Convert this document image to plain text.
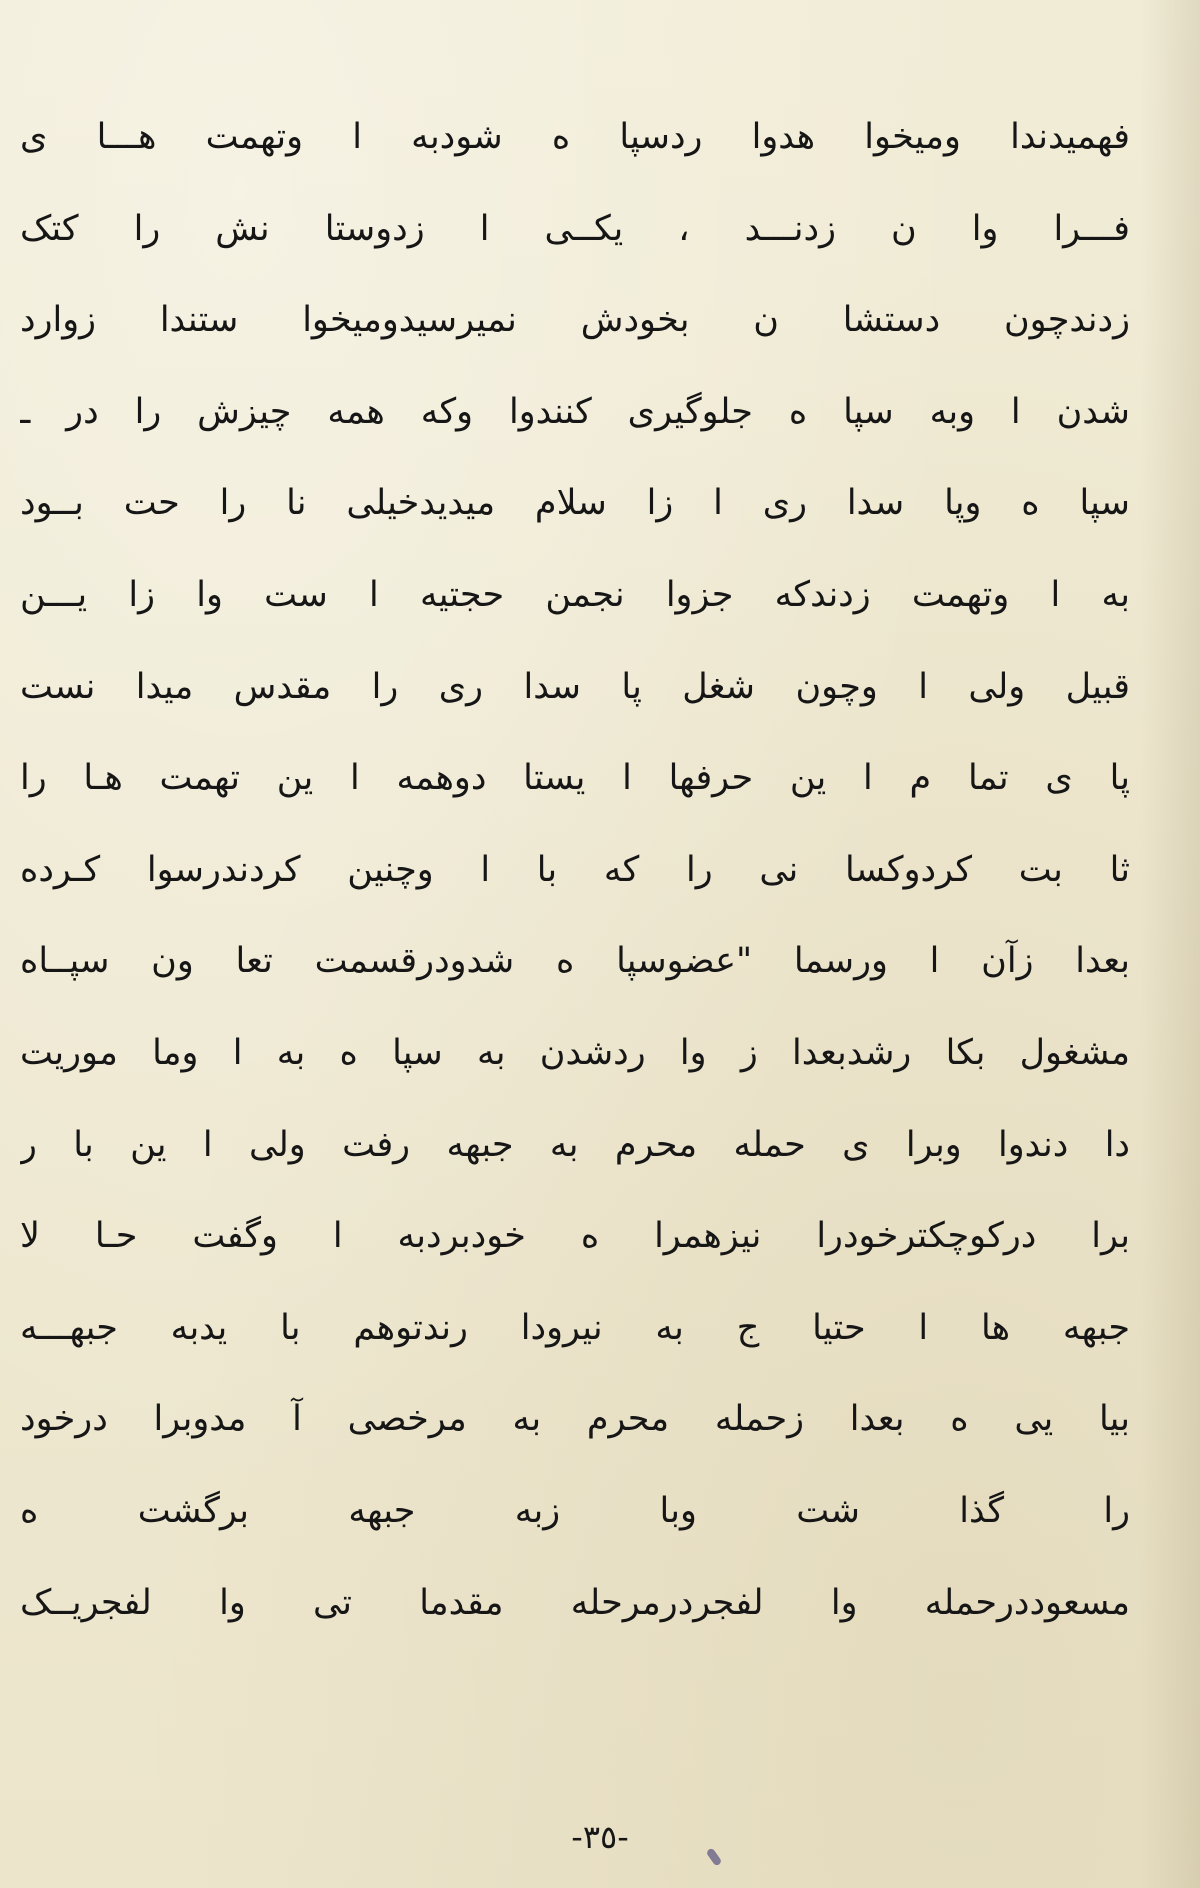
فهمیدندا ومیخوا هدوا ردسپا ه شودبه ا وتهمت هـــا ی
فـــرا وا ن زدنـــد ، یکــی ا زدوستا نش را کتک
زدندچون دستشا ن بخودش نمیرسیدومیخوا ستندا زوارد
شدن ا وبه سپا ه جلوگیری کنندوا وکه همه چیزش را در ـ
سپا ه وپا سدا ری ا زا سلام میدیدخیلی نا را حت بــود
به ا وتهمت زدندکه جزوا نجمن حجتیه ا ست وا زا یـــن
قبیل ولی ا وچون شغل پا سدا ری را مقدس میدا نست
پا ی تما م ا ین حرفها ا یستا دوهمه ا ین تهمت هـا را
ثا بت کردوکسا نی را که با ا وچنین کردندرسوا کـرده
بعدا زآن ا ورسما "عضوسپا ه شدودرقسمت تعا ون سپــاه
مشغول بکا رشدبعدا ز وا ردشدن به سپا ه به ا وما موریت
دا دندوا وبرا ی حمله محرم به جبهه رفت ولی ا ین با ر
برا درکوچکترخودرا نیزهمرا ه خودبردبه ا وگفت حـا لا
جبهه ها ا حتیا ج به نیرودا رندتوهم با یدبه جبهـــه
بیا یی ه بعدا زحمله محرم به مرخصی آ مدوبرا درخود
را گذا شت وبا زبه جبهه برگشت ه
مسعوددرحمله وا لفجردرمرحله مقدما تی وا لفجریــک
-۳٥-
